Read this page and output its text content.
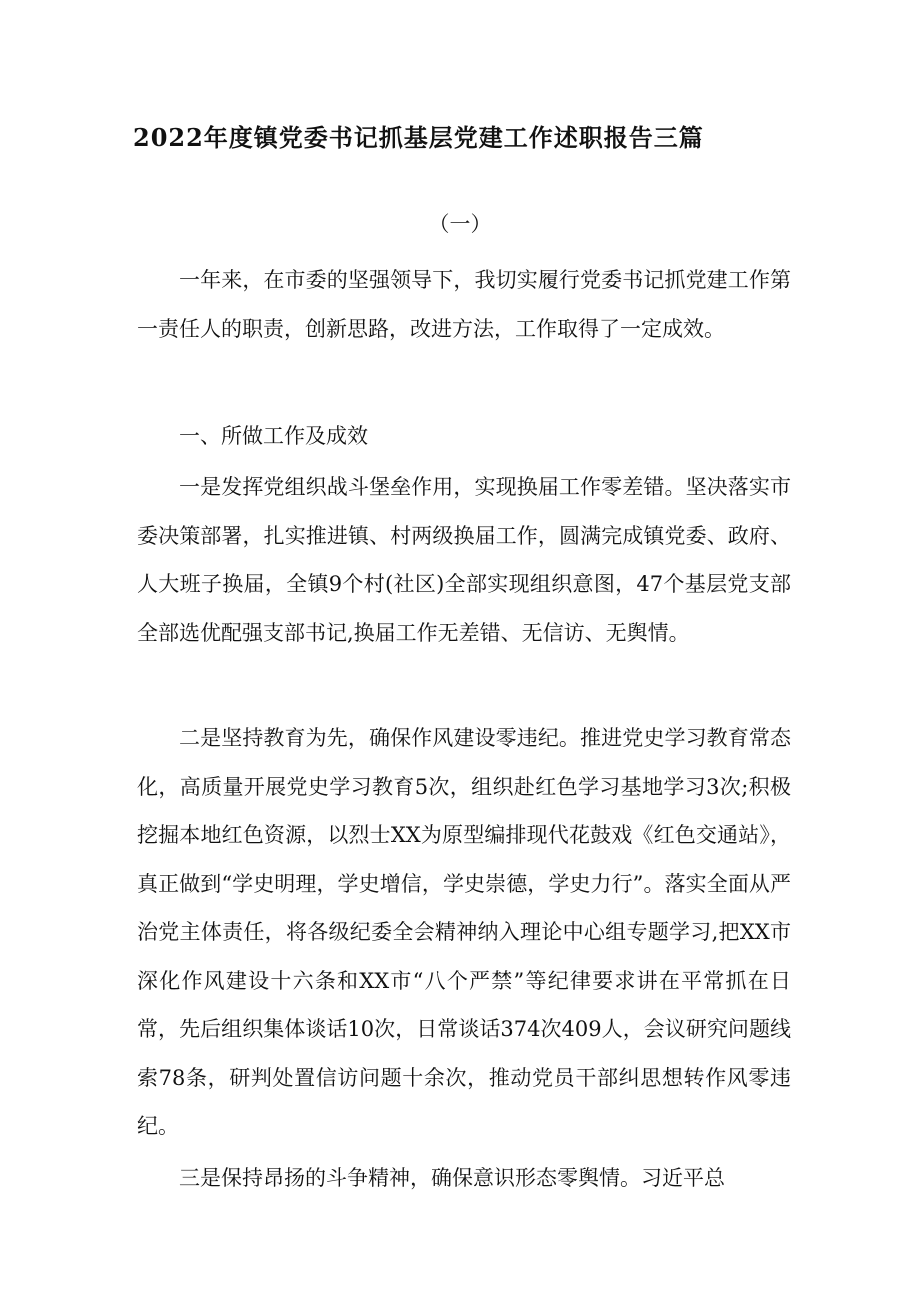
2022年度镇党委书记抓基层党建工作述职报告三篇
（一）

一年来，在市委的坚强领导下，我切实履行党委书记抓党建工作第一责任人的职责，创新思路，改进方法，工作取得了一定成效。

一、所做工作及成效

一是发挥党组织战斗堡垒作用，实现换届工作零差错。坚决落实市委决策部署，扎实推进镇、村两级换届工作，圆满完成镇党委、政府、人大班子换届，全镇9个村(社区)全部实现组织意图，47个基层党支部全部选优配强支部书记,换届工作无差错、无信访、无舆情。

二是坚持教育为先，确保作风建设零违纪。推进党史学习教育常态化，高质量开展党史学习教育5次，组织赴红色学习基地学习3次;积极挖掘本地红色资源，以烈士XX为原型编排现代花鼓戏《红色交通站》，真正做到“学史明理，学史增信，学史崇德，学史力行”。落实全面从严治党主体责任，将各级纪委全会精神纳入理论中心组专题学习,把XX市深化作风建设十六条和XX市“八个严禁”等纪律要求讲在平常抓在日常，先后组织集体谈话10次，日常谈话374次409人，会议研究问题线索78条，研判处置信访问题十余次，推动党员干部纠思想转作风零违纪。

三是保持昂扬的斗争精神，确保意识形态零舆情。习近平总
